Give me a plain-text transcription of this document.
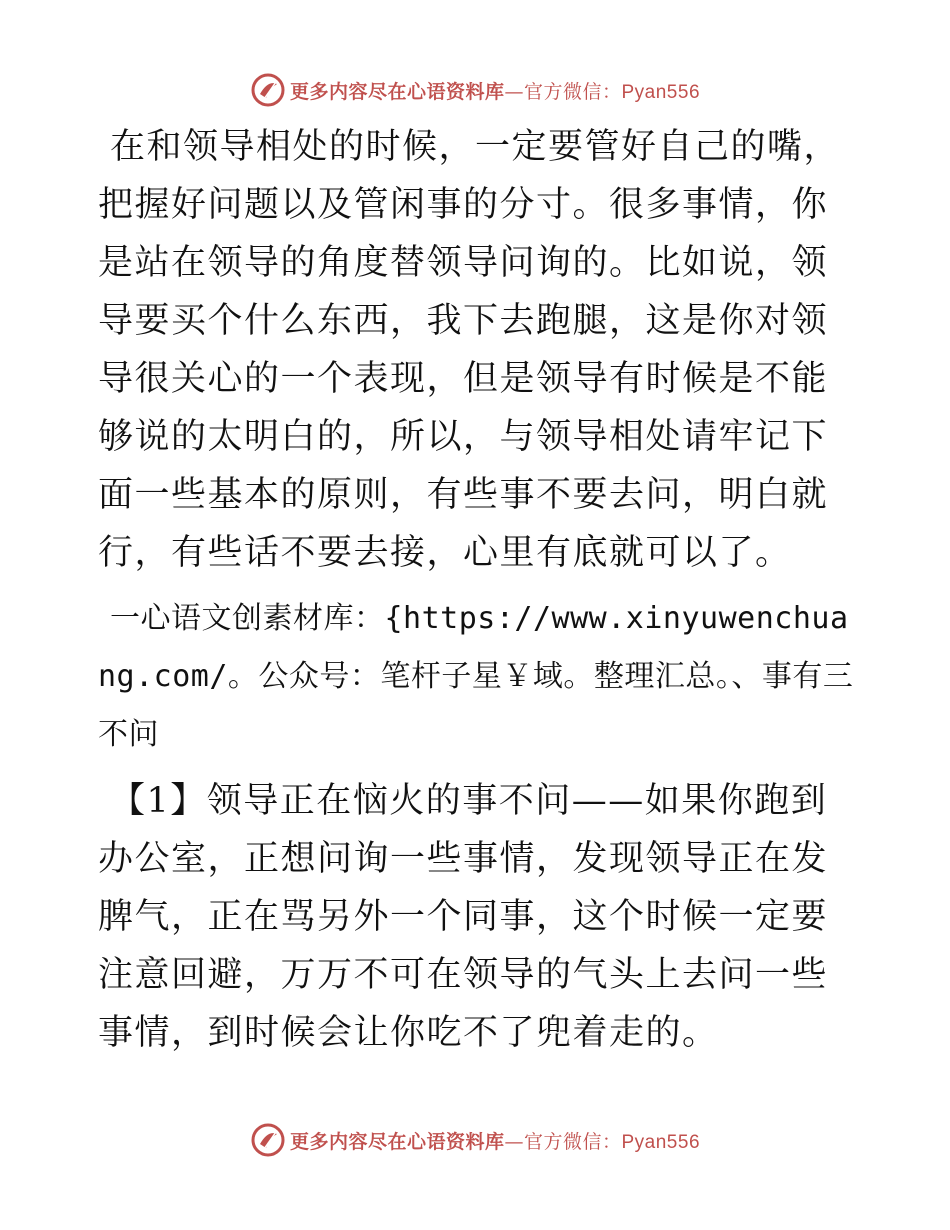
更多内容尽在心语资料库—官方微信：Pyan556

在和领导相处的时候，一定要管好自己的嘴，把握好问题以及管闲事的分寸。很多事情，你是站在领导的角度替领导问询的。比如说，领导要买个什么东西，我下去跑腿，这是你对领导很关心的一个表现，但是领导有时候是不能够说的太明白的，所以，与领导相处请牢记下面一些基本的原则，有些事不要去问，明白就行，有些话不要去接，心里有底就可以了。

一心语文创素材库：{https://www.xinyuwenchuang.com/。公众号：笔杆子星￥域。整理汇总。、事有三不问

【1】领导正在恼火的事不问——如果你跑到办公室，正想问询一些事情，发现领导正在发脾气，正在骂另外一个同事，这个时候一定要注意回避，万万不可在领导的气头上去问一些事情，到时候会让你吃不了兜着走的。

更多内容尽在心语资料库—官方微信：Pyan556
